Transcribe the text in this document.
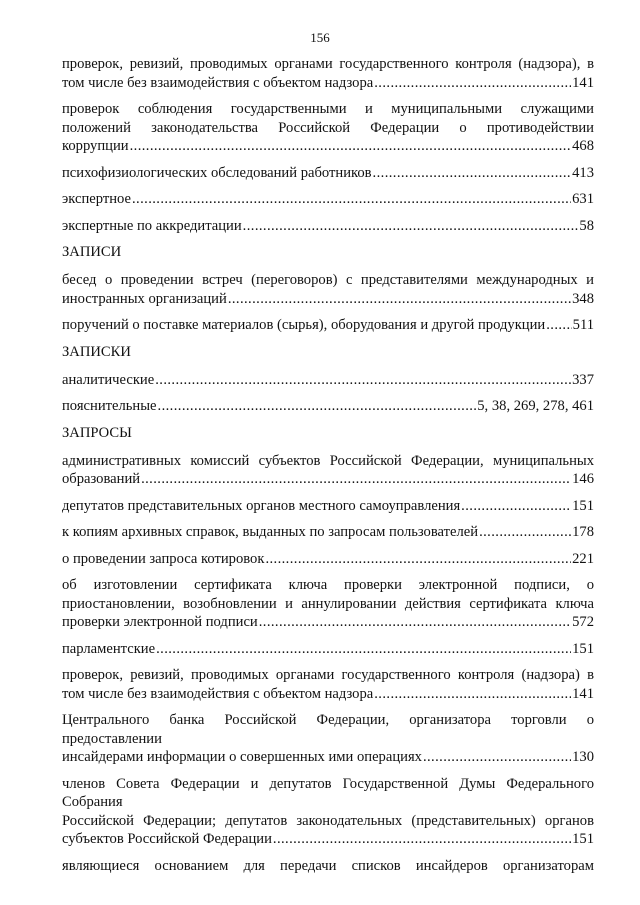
156
проверок, ревизий, проводимых органами государственного контроля (надзора), в
том числе без взаимодействия с объектом надзора .....	141
проверок соблюдения государственными и муниципальными служащими
положений законодательства Российской Федерации о противодействии
коррупции .....	468
психофизиологических обследований работников .....	413
экспертное .....	631
экспертные по аккредитации .....	58
ЗАПИСИ
бесед о проведении встреч (переговоров) с представителями международных и
иностранных организаций .....	348
поручений о поставке материалов (сырья), оборудования и другой продукции ..... 511
ЗАПИСКИ
аналитические .....	337
пояснительные .....	5, 38, 269, 278, 461
ЗАПРОСЫ
административных комиссий субъектов Российской Федерации, муниципальных
образований .....	146
депутатов представительных органов местного самоуправления .....	151
к копиям архивных справок, выданных по запросам пользователей .....	178
о проведении запроса котировок .....	221
об изготовлении сертификата ключа проверки электронной подписи, о
приостановлении, возобновлении и аннулировании действия сертификата ключа
проверки электронной подписи .....	572
парламентские .....	151
проверок, ревизий, проводимых органами государственного контроля (надзора) в
том числе без взаимодействия с объектом надзора .....	141
Центрального банка Российской Федерации, организатора торговли о предоставлении
инсайдерами информации о совершенных ими операциях .....	130
членов Совета Федерации и депутатов Государственной Думы Федерального Собрания
Российской Федерации; депутатов законодательных (представительных) органов
субъектов Российской Федерации .....	151
являющиеся основанием для передачи списков инсайдеров организаторам
